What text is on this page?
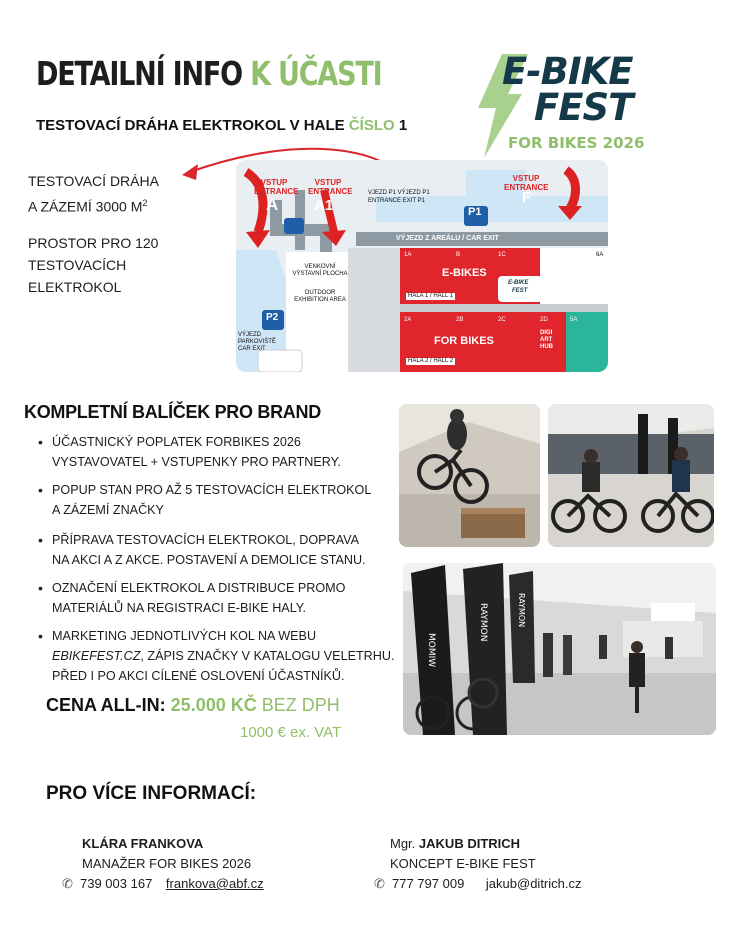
DETAILNÍ INFO K ÚČASTI
TESTOVACÍ DRÁHA ELEKTROKOL V HALE ČÍSLO 1
E-BIKE
FEST
FOR BIKES 2026

TESTOVACÍ DRÁHA
A ZÁZEMÍ 3000 $M^2$

PROSTOR PRO 120
TESTOVACÍCH
ELEKTROKOL

VSTUP
ENTRANCE
A
VSTUP
ENTRANCE
A1
VSTUP
ENTRANCE
F
VJEZD P1 VÝJEZD P1
ENTRANCE EXIT P1
P1
P2
VÝJEZD Z AREÁLU / CAR EXIT
VENKOVNÍ VÝSTAVNÍ PLOCHA
OUTDOOR EXHIBITION AREA
E-BIKES
HALA 1 / HALL 1
FOR BIKES
HALA 2 / HALL 2
DIGI ART HUB
VÝJEZD PARKOVIŠTĚ CAR EXIT
1A	B	1C
2A	2B	2C	2D	5A
6A
E-BIKE
FEST
KOMPLETNÍ BALÍČEK PRO BRAND
• ÚČASTNICKÝ POPLATEK FORBIKES 2026
VYSTAVOVATEL + VSTUPENKY PRO PARTNERY.
• POPUP STAN PRO AŽ 5 TESTOVACÍCH ELEKTROKOL
A ZÁZEMÍ ZNAČKY
• PŘÍPRAVA TESTOVACÍCH ELEKTROKOL, DOPRAVA
NA AKCI A Z AKCE. POSTAVENÍ A DEMOLICE STANU.
• OZNAČENÍ ELEKTROKOL A DISTRIBUCE PROMO
MATERIÁLŮ NA REGISTRACI E-BIKE HALY.
• MARKETING JEDNOTLIVÝCH KOL NA WEBU
EBIKEFEST.CZ, ZÁPIS ZNAČKY V KATALOGU VELETRHU.
PŘED I PO AKCI CÍLENÉ OSLOVENÍ ÚČASTNÍKŮ.
CENA ALL-IN: 25.000 KČ BEZ DPH
1000 € ex. VAT
PRO VÍCE INFORMACÍ:
KLÁRA FRANKOVA
MANAŽER FOR BIKES 2026
✆ 739 003 167 frankova@abf.cz
Mgr. JAKUB DITRICH
KONCEPT E-BIKE FEST
✆ 777 797 009 jakub@ditrich.cz
MOMIW
RAYMON	RAYMON
